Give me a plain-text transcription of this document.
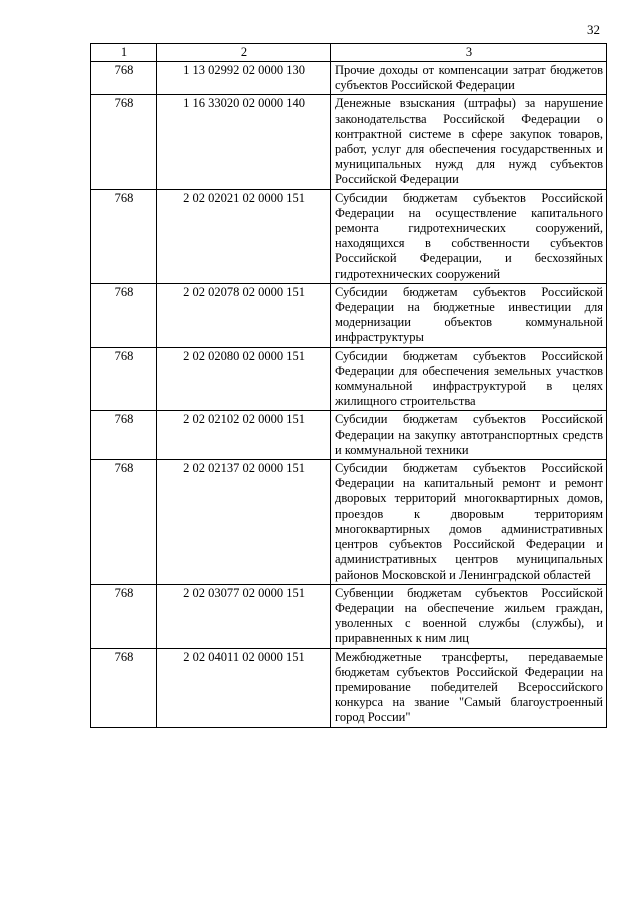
32
1	2	3
768	1 13 02992 02 0000 130	Прочие доходы от компенсации затрат бюджетов субъектов Российской Федерации
768	1 16 33020 02 0000 140	Денежные взыскания (штрафы) за нарушение законодательства Российской Федерации о контрактной системе в сфере закупок товаров, работ, услуг для обеспечения государственных и муниципальных нужд для нужд субъектов Российской Федерации
768	2 02 02021 02 0000 151	Субсидии бюджетам субъектов Российской Федерации на осуществление капитального ремонта гидротехнических сооружений, находящихся в собственности субъектов Российской Федерации, и бесхозяйных гидротехнических сооружений
768	2 02 02078 02 0000 151	Субсидии бюджетам субъектов Российской Федерации на бюджетные инвестиции для модернизации объектов коммунальной инфраструктуры
768	2 02 02080 02 0000 151	Субсидии бюджетам субъектов Российской Федерации для обеспечения земельных участков коммунальной инфраструктурой в целях жилищного строительства
768	2 02 02102 02 0000 151	Субсидии бюджетам субъектов Российской Федерации на закупку автотранспортных средств и коммунальной техники
768	2 02 02137 02 0000 151	Субсидии бюджетам субъектов Российской Федерации на капитальный ремонт и ремонт дворовых территорий многоквартирных домов, проездов к дворовым территориям многоквартирных домов административных центров субъектов Российской Федерации и административных центров муниципальных районов Московской и Ленинградской областей
768	2 02 03077 02 0000 151	Субвенции бюджетам субъектов Российской Федерации на обеспечение жильем граждан, уволенных с военной службы (службы), и приравненных к ним лиц
768	2 02 04011 02 0000 151	Межбюджетные трансферты, передаваемые бюджетам субъектов Российской Федерации на премирование победителей Всероссийского конкурса на звание "Самый благоустроенный город России"
